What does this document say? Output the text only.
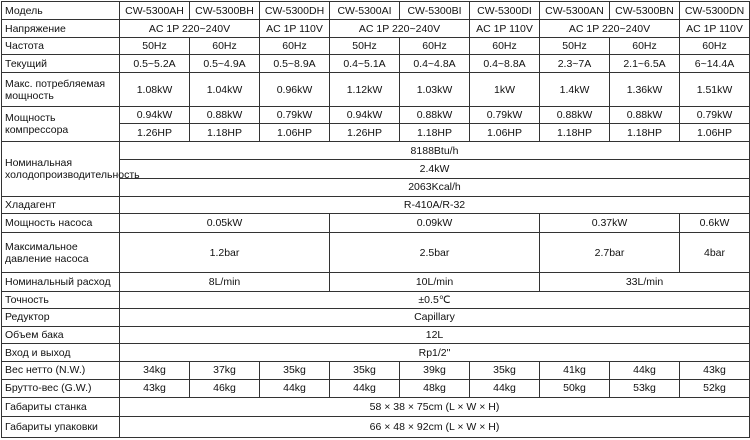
Модель	CW-5300AH	CW-5300BH	CW-5300DH	CW-5300AI	CW-5300BI	CW-5300DI	CW-5300AN	CW-5300BN	CW-5300DN
Напряжение	AC 1P 220~240V		AC 1P 110V	AC 1P 220~240V		AC 1P 110V	AC 1P 220~240V		AC 1P 110V
Частота	50Hz	60Hz	60Hz	50Hz	60Hz	60Hz	50Hz	60Hz	60Hz
Текущий	0.5~5.2A	0.5~4.9A	0.5~8.9A	0.4~5.1A	0.4~4.8A	0.4~8.8A	2.3~7A	2.1~6.5A	6~14.4A
Макс. потребляемая мощность	1.08kW	1.04kW	0.96kW	1.12kW	1.03kW	1kW	1.4kW	1.36kW	1.51kW
Мощность компрессора	0.94kW	0.88kW	0.79kW	0.94kW	0.88kW	0.79kW	0.88kW	0.88kW	0.79kW
	1.26HP	1.18HP	1.06HP	1.26HP	1.18HP	1.06HP	1.18HP	1.18HP	1.06HP
Номинальная холодопроизводительность	8188Btu/h								
	2.4kW								
	2063Kcal/h								
Хладагент	R-410A/R-32								
Мощность насоса	0.05kW			0.09kW			0.37kW		0.6kW
Максимальное давление насоса	1.2bar			2.5bar			2.7bar		4bar
Номинальный расход	8L/min			10L/min			33L/min		
Точность	±0.5℃								
Редуктор	Capillary								
Объем бака	12L								
Вход и выход	Rp1/2"								
Вес нетто (N.W.)	34kg	37kg	35kg	35kg	39kg	35kg	41kg	44kg	43kg
Брутто-вес (G.W.)	43kg	46kg	44kg	44kg	48kg	44kg	50kg	53kg	52kg
Габариты станка	58 × 38 × 75cm (L × W × H)								
Габариты упаковки	66 × 48 × 92cm (L × W × H)								
